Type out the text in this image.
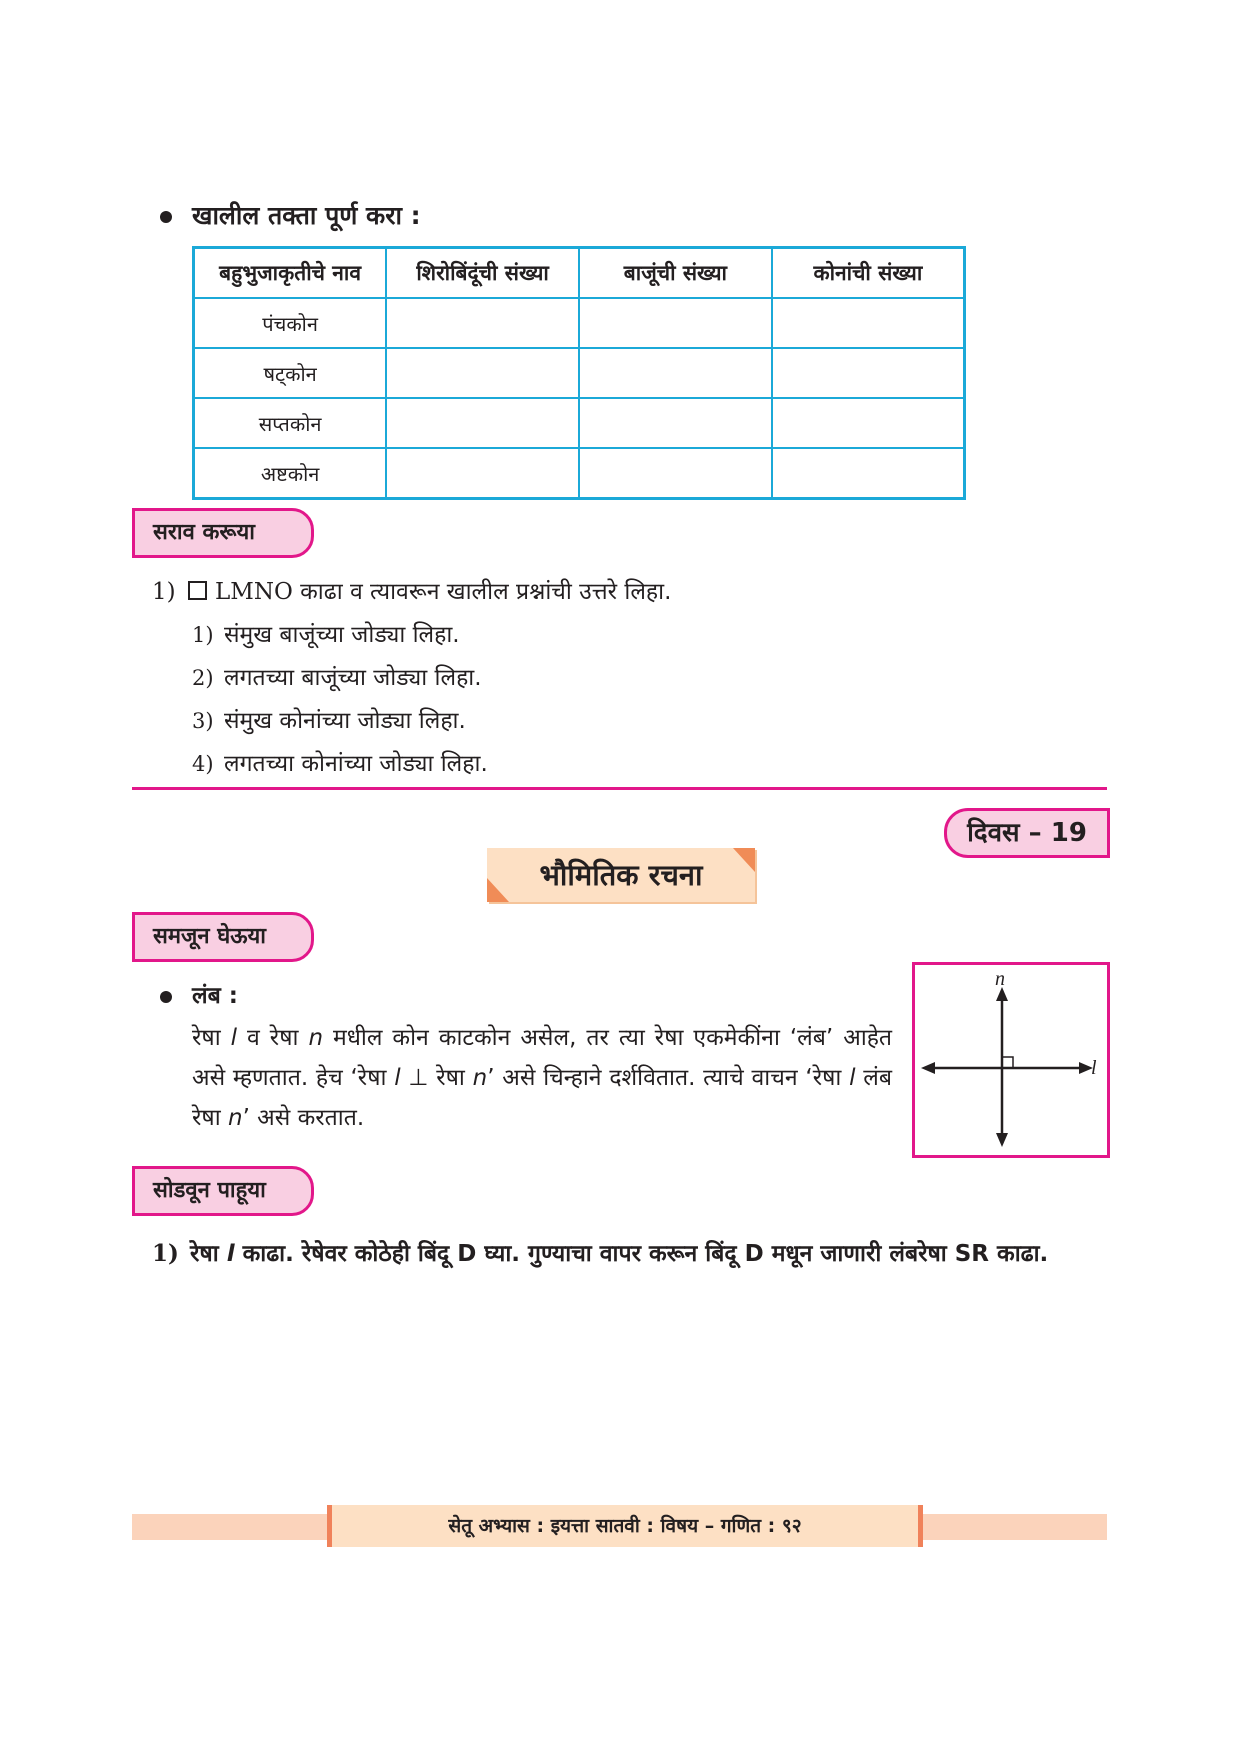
खालील तक्ता पूर्ण करा :
बहुभुजाकृतीचे नाव	शिरोबिंदूंची संख्या	बाजूंची संख्या	कोनांची संख्या
पंचकोन			
षट्कोन			
सप्तकोन			
अष्टकोन			
सराव करूया
1) LMNO काढा व त्यावरून खालील प्रश्नांची उत्तरे लिहा.
1) संमुख बाजूंच्या जोड्या लिहा.
2) लगतच्या बाजूंच्या जोड्या लिहा.
3) संमुख कोनांच्या जोड्या लिहा.
4) लगतच्या कोनांच्या जोड्या लिहा.
दिवस – 19
भौमितिक रचना
समजून घेऊया
लंब :
रेषा l व रेषा n मधील कोन काटकोन असेल, तर त्या रेषा एकमेकींना ‘लंब’ आहेत असे म्हणतात. हेच ‘रेषा l ⊥ रेषा n’ असे चिन्हाने दर्शवितात. त्याचे वाचन ‘रेषा l लंब रेषा n’ असे करतात.
n
l
सोडवून पाहूया
1) रेषा l काढा. रेषेवर कोठेही बिंदू D घ्या. गुण्याचा वापर करून बिंदू D मधून जाणारी लंबरेषा SR काढा.
सेतू अभ्यास : इयत्ता सातवी : विषय – गणित : ९२
